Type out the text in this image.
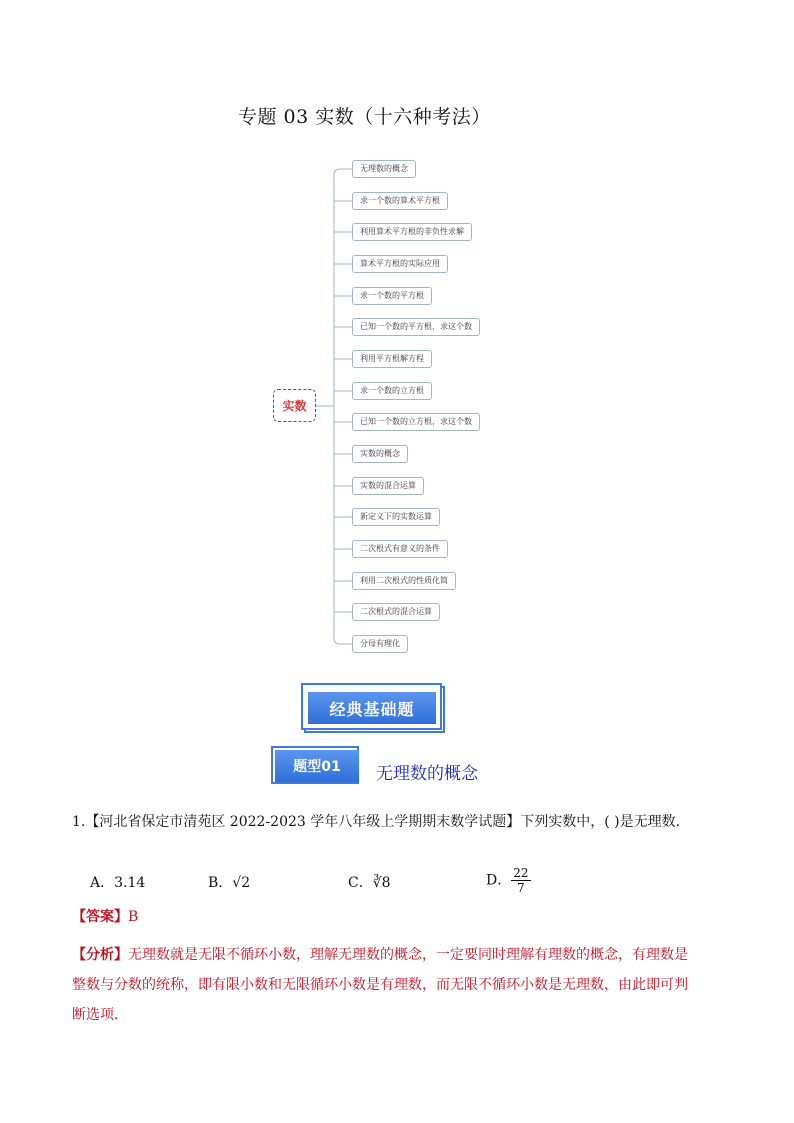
专题 03 实数（十六种考法）
实数
无理数的概念
求一个数的算术平方根
利用算术平方根的非负性求解
算术平方根的实际应用
求一个数的平方根
已知一个数的平方根，求这个数
利用平方根解方程
求一个数的立方根
已知一个数的立方根，求这个数
实数的概念
实数的混合运算
新定义下的实数运算
二次根式有意义的条件
利用二次根式的性质化简
二次根式的混合运算
分母有理化
经典基础题
题型01	无理数的概念
1.【河北省保定市清苑区 2022-2023 学年八年级上学期期末数学试题】下列实数中，( )是无理数．
A．3.14	B．√2	C．∛8	D． $\frac{22}{7}$
【答案】B
【分析】无理数就是无限不循环小数，理解无理数的概念，一定要同时理解有理数的概念，有理数是整数与分数的统称，即有限小数和无限循环小数是有理数，而无限不循环小数是无理数，由此即可判断选项．
